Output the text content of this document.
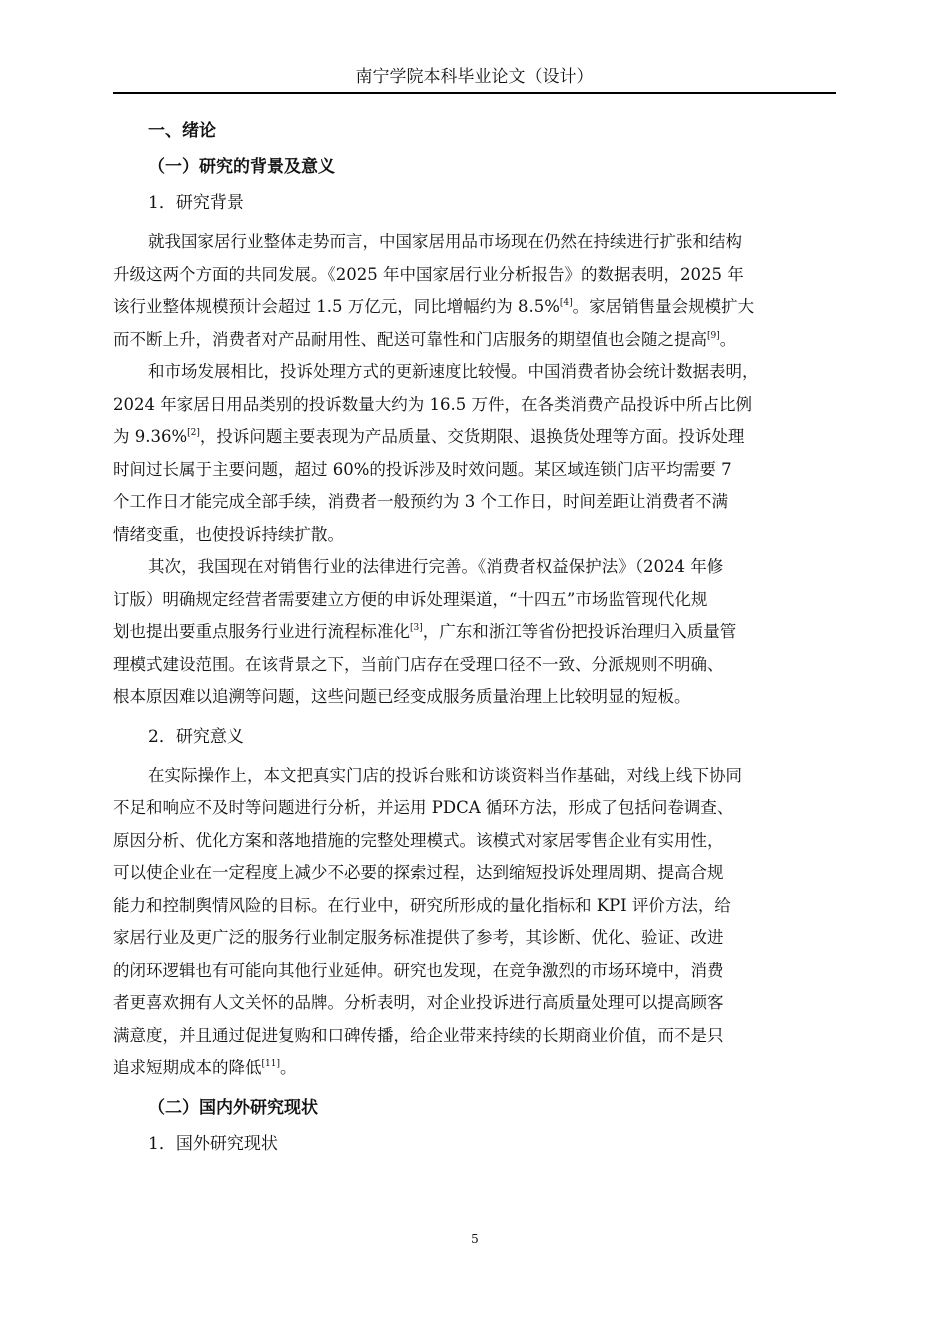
南宁学院本科毕业论文（设计）
一、绪论
（一）研究的背景及意义
1．研究背景
就我国家居行业整体走势而言，中国家居用品市场现在仍然在持续进行扩张和结构
升级这两个方面的共同发展。《2025 年中国家居行业分析报告》的数据表明，2025 年
该行业整体规模预计会超过 1.5 万亿元，同比增幅约为 8.5%[4]。家居销售量会规模扩大
而不断上升，消费者对产品耐用性、配送可靠性和门店服务的期望值也会随之提高[9]。
和市场发展相比，投诉处理方式的更新速度比较慢。中国消费者协会统计数据表明，
2024 年家居日用品类别的投诉数量大约为 16.5 万件，在各类消费产品投诉中所占比例
为 9.36%[2]，投诉问题主要表现为产品质量、交货期限、退换货处理等方面。投诉处理
时间过长属于主要问题，超过 60%的投诉涉及时效问题。某区域连锁门店平均需要 7
个工作日才能完成全部手续，消费者一般预约为 3 个工作日，时间差距让消费者不满
情绪变重，也使投诉持续扩散。
其次，我国现在对销售行业的法律进行完善。《消费者权益保护法》（2024 年修
订版）明确规定经营者需要建立方便的申诉处理渠道，“十四五”市场监管现代化规
划也提出要重点服务行业进行流程标准化[3]，广东和浙江等省份把投诉治理归入质量管
理模式建设范围。在该背景之下，当前门店存在受理口径不一致、分派规则不明确、
根本原因难以追溯等问题，这些问题已经变成服务质量治理上比较明显的短板。
2．研究意义
在实际操作上，本文把真实门店的投诉台账和访谈资料当作基础，对线上线下协同
不足和响应不及时等问题进行分析，并运用 PDCA 循环方法，形成了包括问卷调查、
原因分析、优化方案和落地措施的完整处理模式。该模式对家居零售企业有实用性，
可以使企业在一定程度上减少不必要的探索过程，达到缩短投诉处理周期、提高合规
能力和控制舆情风险的目标。在行业中，研究所形成的量化指标和 KPI 评价方法，给
家居行业及更广泛的服务行业制定服务标准提供了参考，其诊断、优化、验证、改进
的闭环逻辑也有可能向其他行业延伸。研究也发现，在竞争激烈的市场环境中，消费
者更喜欢拥有人文关怀的品牌。分析表明，对企业投诉进行高质量处理可以提高顾客
满意度，并且通过促进复购和口碑传播，给企业带来持续的长期商业价值，而不是只
追求短期成本的降低[11]。
（二）国内外研究现状
1．国外研究现状
5
